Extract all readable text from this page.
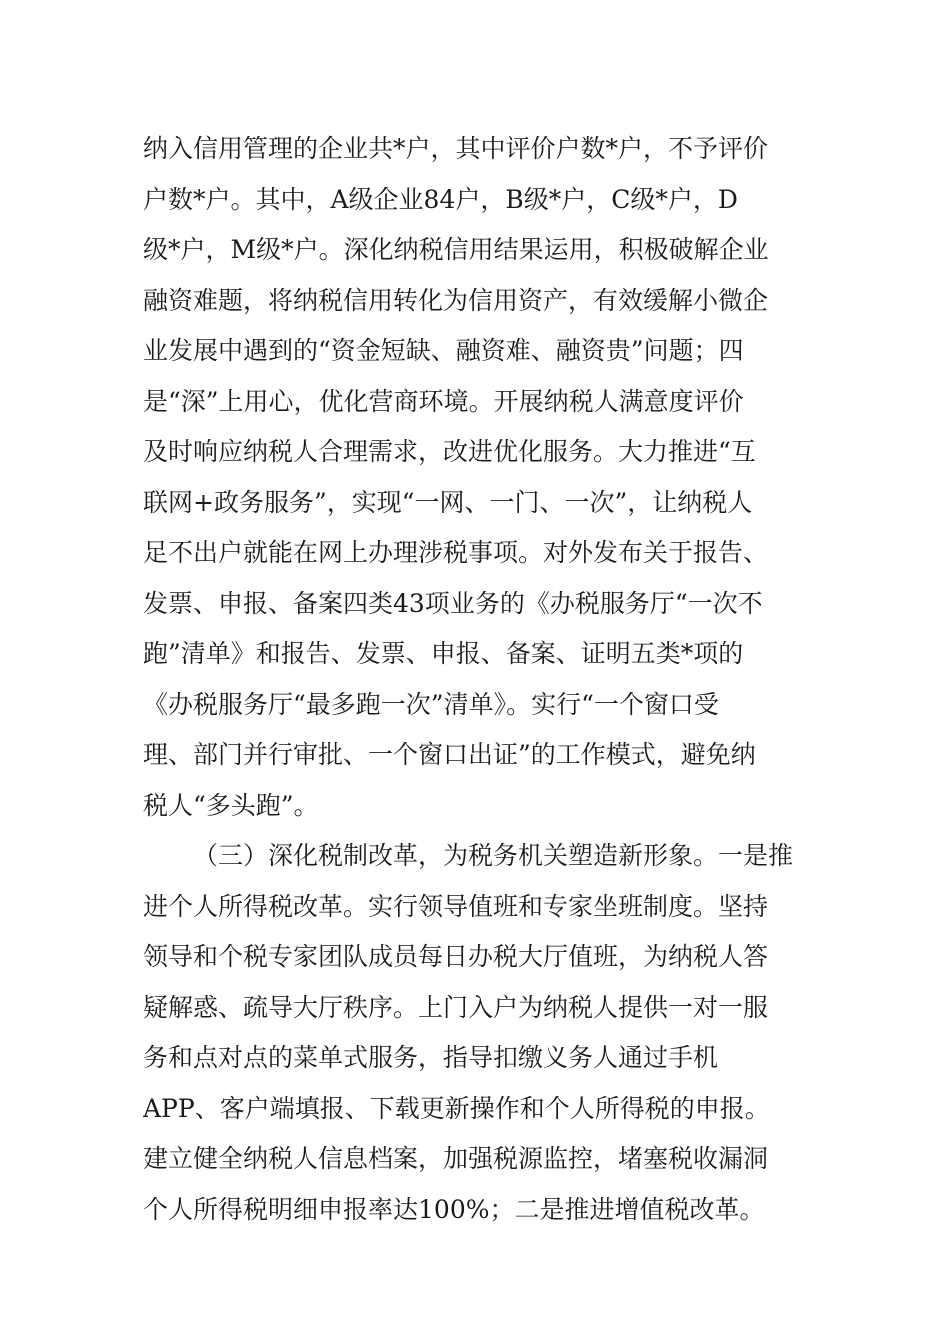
纳入信用管理的企业共*户，其中评价户数*户，不予评价
户数*户。其中，A级企业84户，B级*户，C级*户，D
级*户，M级*户。深化纳税信用结果运用，积极破解企业
融资难题，将纳税信用转化为信用资产，有效缓解小微企
业发展中遇到的“资金短缺、融资难、融资贵”问题；四
是“深”上用心，优化营商环境。开展纳税人满意度评价
及时响应纳税人合理需求，改进优化服务。大力推进“互
联网+政务服务”，实现“一网、一门、一次”，让纳税人
足不出户就能在网上办理涉税事项。对外发布关于报告、
发票、申报、备案四类43项业务的《办税服务厅“一次不
跑”清单》和报告、发票、申报、备案、证明五类*项的
《办税服务厅“最多跑一次”清单》。实行“一个窗口受
理、部门并行审批、一个窗口出证”的工作模式，避免纳
税人“多头跑”。
（三）深化税制改革，为税务机关塑造新形象。一是推
进个人所得税改革。实行领导值班和专家坐班制度。坚持
领导和个税专家团队成员每日办税大厅值班，为纳税人答
疑解惑、疏导大厅秩序。上门入户为纳税人提供一对一服
务和点对点的菜单式服务，指导扣缴义务人通过手机
APP、客户端填报、下载更新操作和个人所得税的申报。
建立健全纳税人信息档案，加强税源监控，堵塞税收漏洞
个人所得税明细申报率达100%；二是推进增值税改革。
